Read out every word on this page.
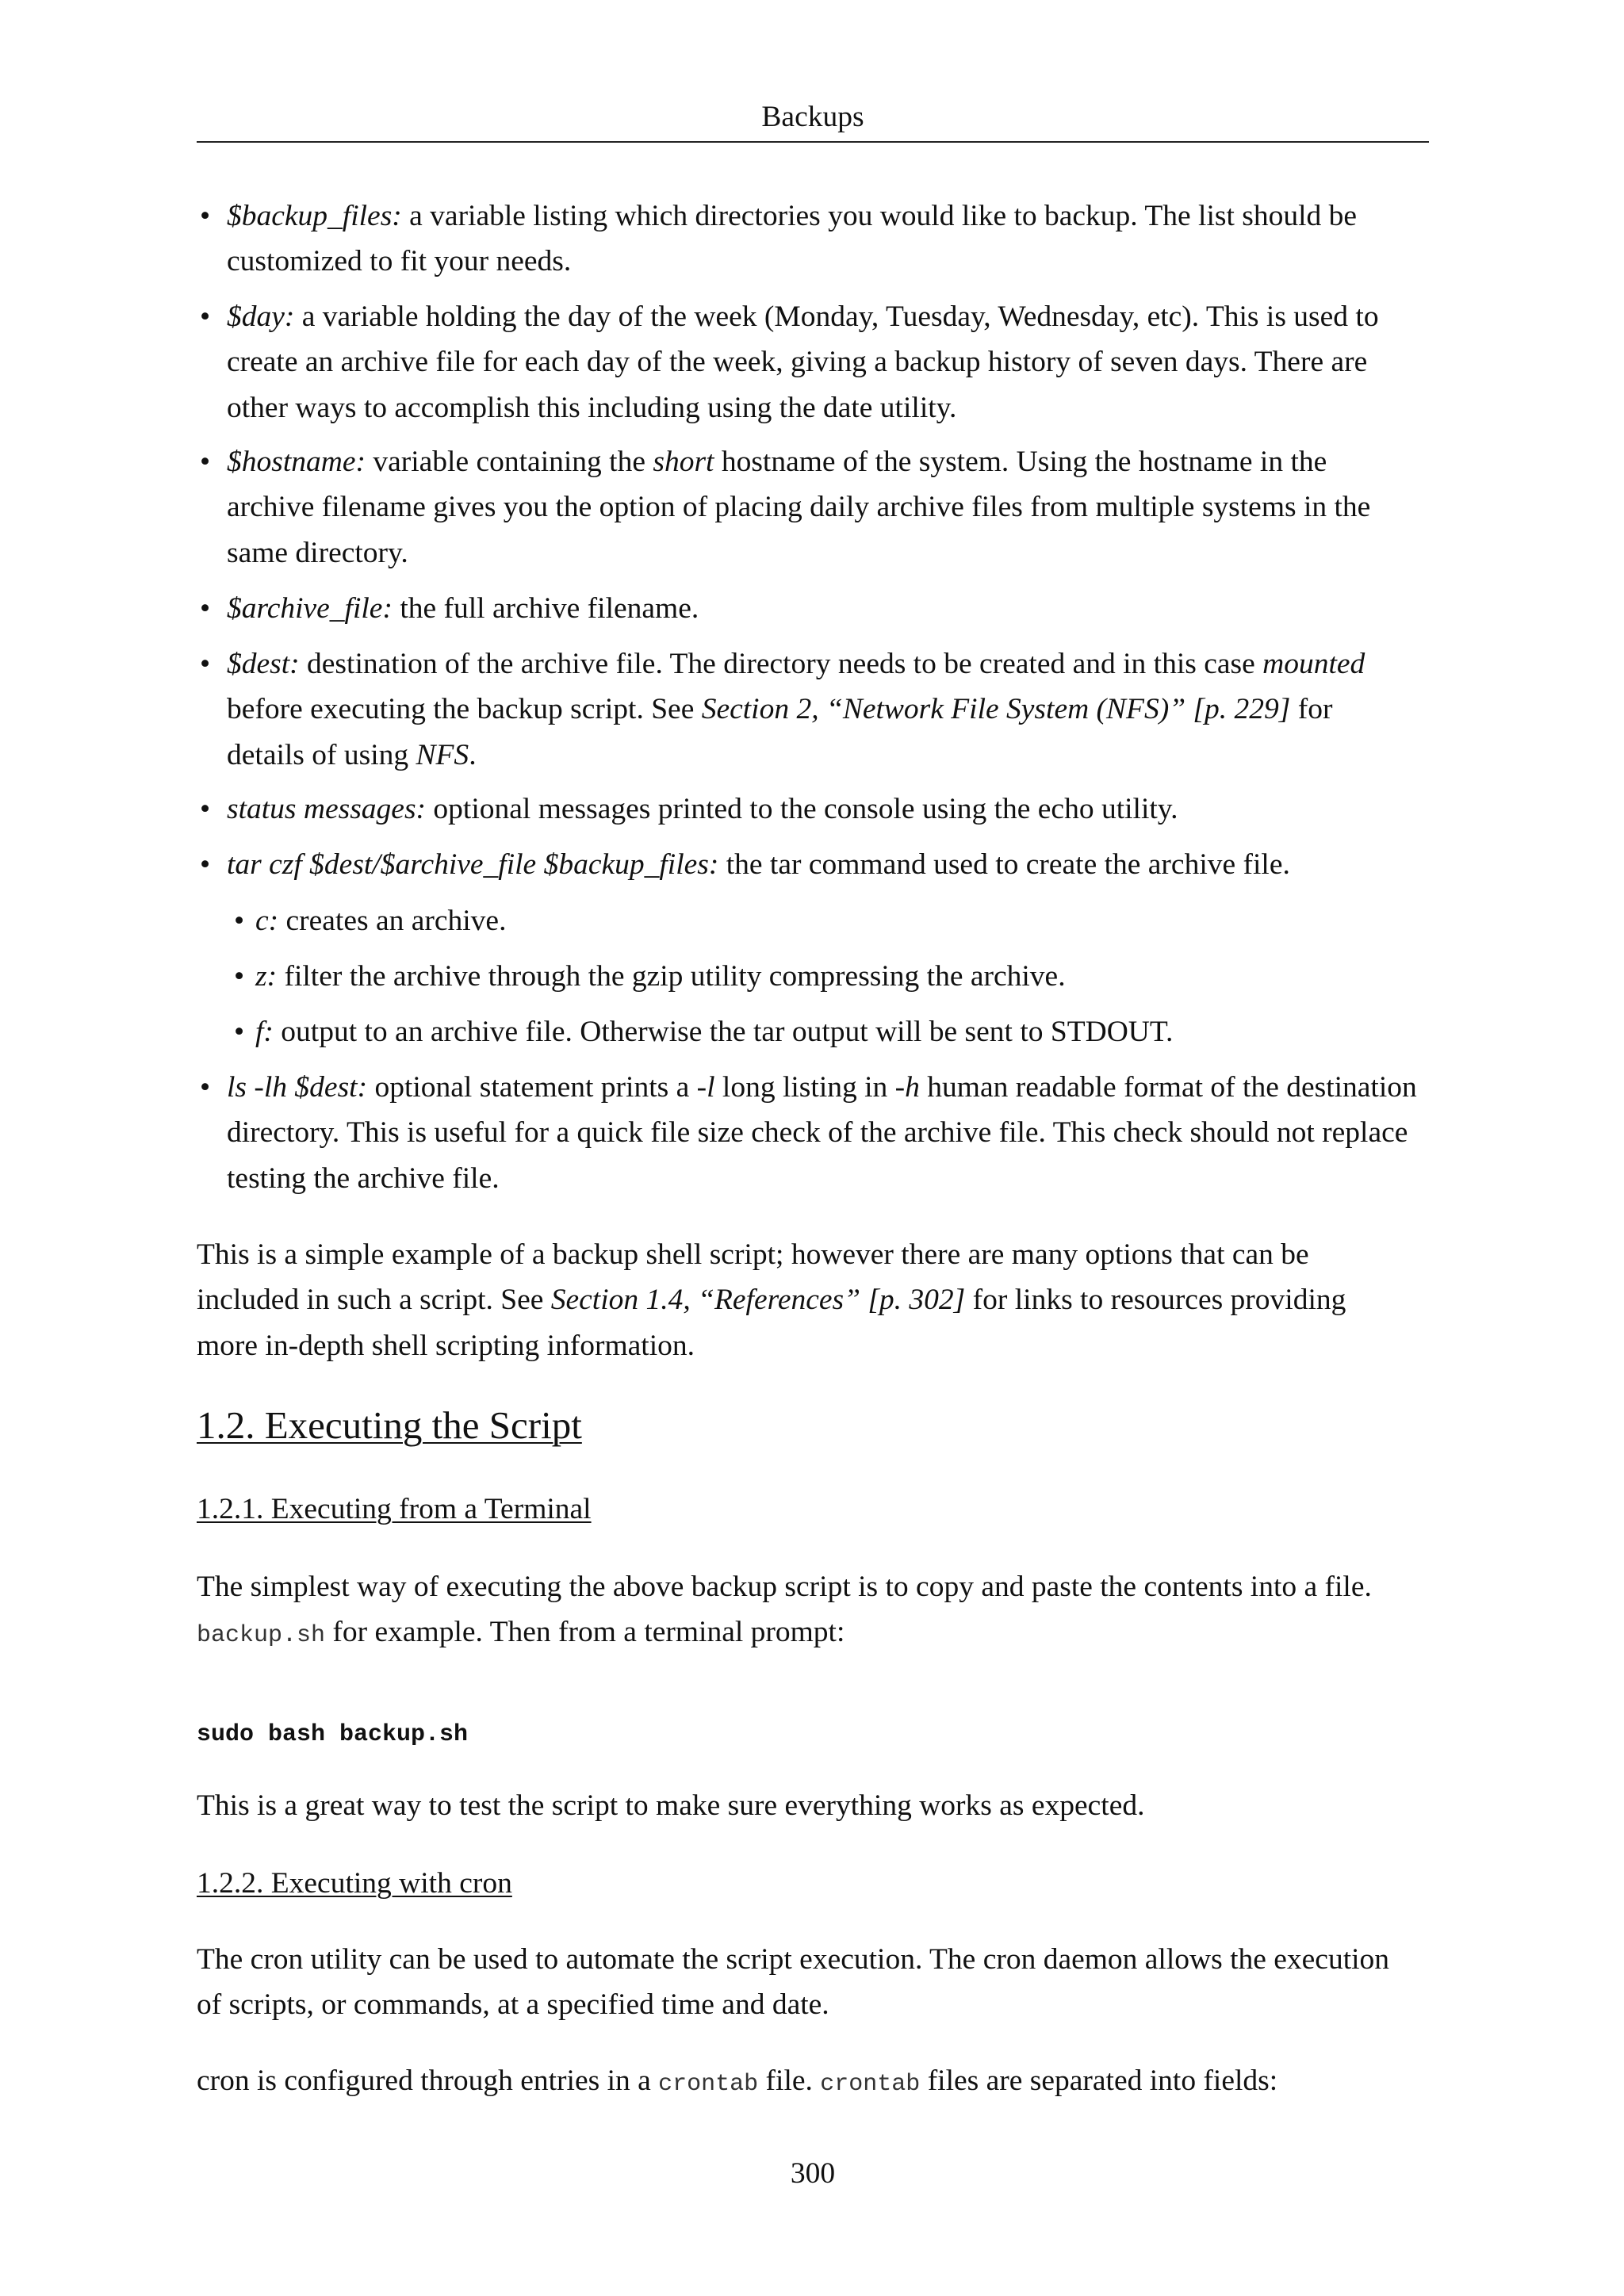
Backups
• $backup_files: a variable listing which directories you would like to backup. The list should be
customized to fit your needs.
• $day: a variable holding the day of the week (Monday, Tuesday, Wednesday, etc). This is used to
create an archive file for each day of the week, giving a backup history of seven days. There are
other ways to accomplish this including using the date utility.
• $hostname: variable containing the short hostname of the system. Using the hostname in the
archive filename gives you the option of placing daily archive files from multiple systems in the
same directory.
• $archive_file: the full archive filename.
• $dest: destination of the archive file. The directory needs to be created and in this case mounted
before executing the backup script. See Section 2, “Network File System (NFS)” [p. 229] for
details of using NFS.
• status messages: optional messages printed to the console using the echo utility.
• tar czf $dest/$archive_file $backup_files: the tar command used to create the archive file.
• c: creates an archive.
• z: filter the archive through the gzip utility compressing the archive.
• f: output to an archive file. Otherwise the tar output will be sent to STDOUT.
• ls -lh $dest: optional statement prints a -l long listing in -h human readable format of the destination
directory. This is useful for a quick file size check of the archive file. This check should not replace
testing the archive file.
This is a simple example of a backup shell script; however there are many options that can be
included in such a script. See Section 1.4, “References” [p. 302] for links to resources providing
more in-depth shell scripting information.
1.2. Executing the Script
1.2.1. Executing from a Terminal
The simplest way of executing the above backup script is to copy and paste the contents into a file.
backup.sh for example. Then from a terminal prompt:
sudo bash backup.sh
This is a great way to test the script to make sure everything works as expected.
1.2.2. Executing with cron
The cron utility can be used to automate the script execution. The cron daemon allows the execution
of scripts, or commands, at a specified time and date.
cron is configured through entries in a crontab file. crontab files are separated into fields:
300
